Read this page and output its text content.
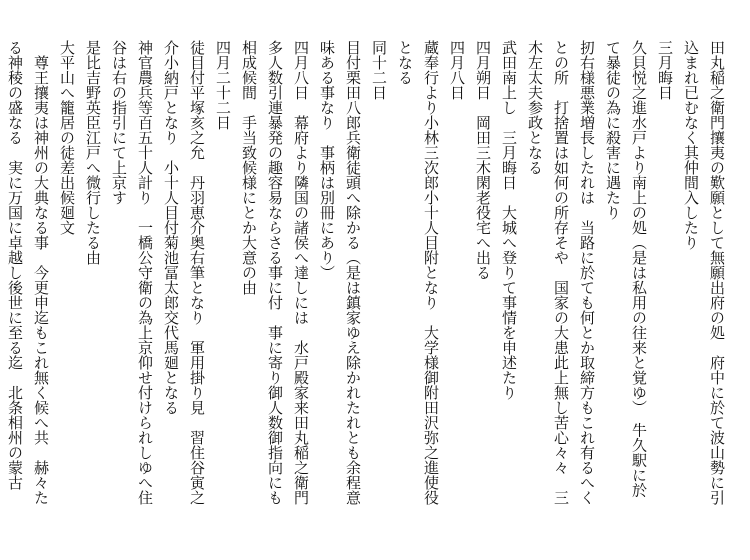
田丸稲之衛門攘夷の歎願として無願出府の処　府中に於て波山勢に引

込まれ已むなく其仲間入したり

三月晦日

久貝悦之進水戸より南上の処（是は私用の往来と覚ゆ）　牛久駅に於

て暴徒の為に殺害に遇たり

扨右様悪業増長したれは　当路に於ても何とか取締方もこれ有るへく

との所　打捨置は如何の所存そや　国家の大患此上無し苦心々々　三

木左太夫参政となる

武田南上し　三月晦日　大城へ登りて事情を申述たり

四月朔日　岡田三木閑老役宅へ出る

四月八日

蔵奉行より小林三次郎小十人目附となり　大学様御附田沢弥之進使役

となる

同十二日

目付栗田八郎兵衛徒頭へ除かる（是は鎮家ゆえ除かれたれとも余程意

味ある事なり　事柄は別冊にあり）

四月八日　幕府より隣国の諸侯へ達しには　水戸殿家来田丸稲之衛門

多人数引連暴発の趣容易ならさる事に付　事に寄り御人数御指向にも

相成候間　手当致候様にとか大意の由

四月二十二日

徒目付平塚亥之允　丹羽恵介奥右筆となり　軍用掛り見　習住谷寅之

介小納戸となり　小十人目付菊池冨太郎交代馬廻となる

神官農兵等百五十人計り　一橋公守衛の為上京仰せ付けられしゆへ住

谷は右の指引にて上京す

是比吉野英臣江戸へ微行したる由

大平山へ籠居の徒差出候廻文

　尊王攘夷は神州の大典なる事　今更申迄もこれ無く候へ共　赫々た

る神稜の盛なる　実に万国に卓越し後世に至る迄　北条相州の蒙古
